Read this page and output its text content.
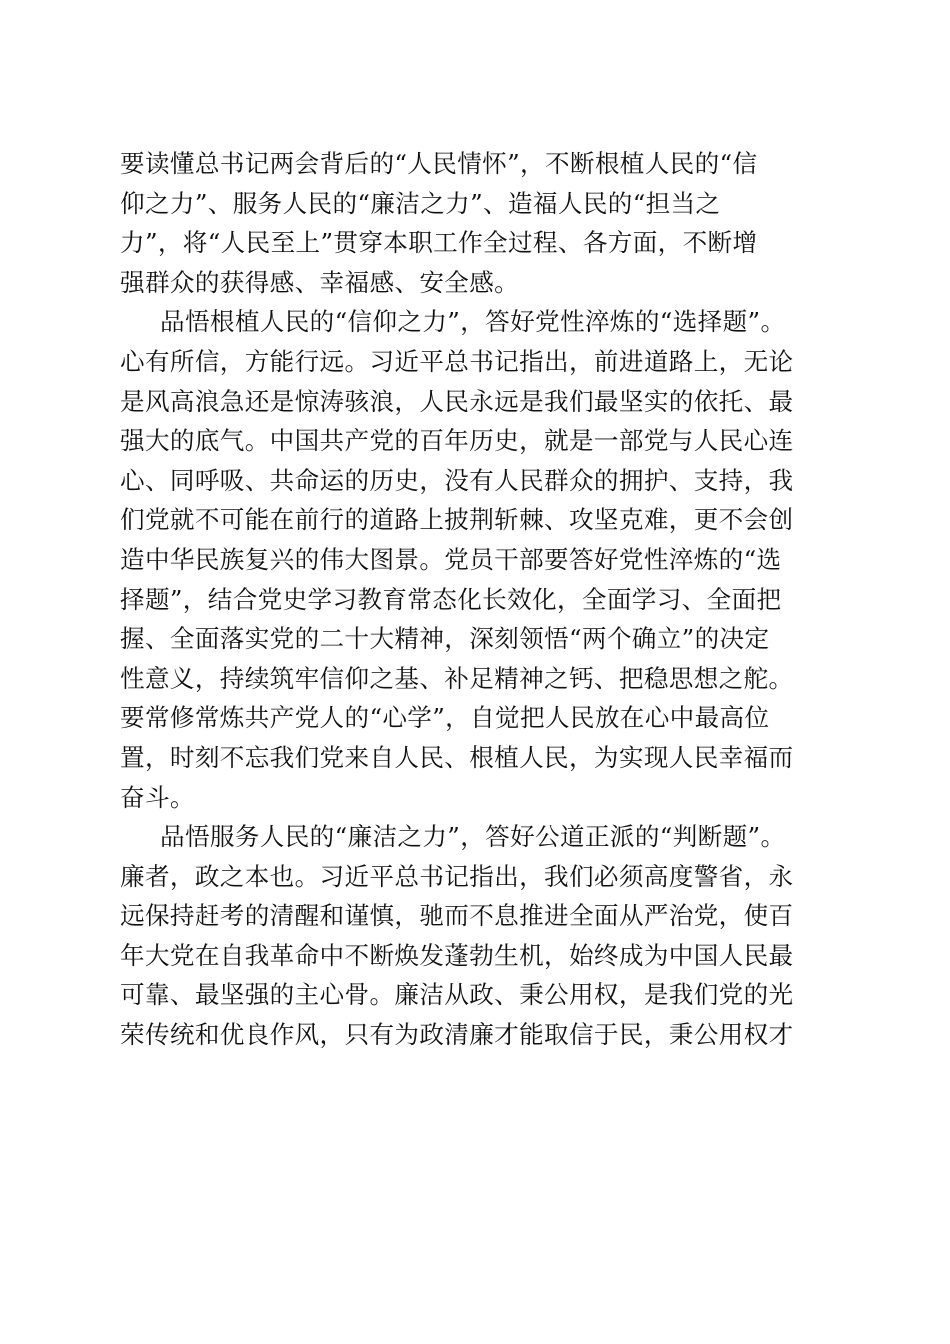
要读懂总书记两会背后的“人民情怀”，不断根植人民的“信
仰之力”、服务人民的“廉洁之力”、造福人民的“担当之
力”，将“人民至上”贯穿本职工作全过程、各方面，不断增
强群众的获得感、幸福感、安全感。
品悟根植人民的“信仰之力”，答好党性淬炼的“选择题”。
心有所信，方能行远。习近平总书记指出，前进道路上，无论
是风高浪急还是惊涛骇浪，人民永远是我们最坚实的依托、最
强大的底气。中国共产党的百年历史，就是一部党与人民心连
心、同呼吸、共命运的历史，没有人民群众的拥护、支持，我
们党就不可能在前行的道路上披荆斩棘、攻坚克难，更不会创
造中华民族复兴的伟大图景。党员干部要答好党性淬炼的“选
择题”，结合党史学习教育常态化长效化，全面学习、全面把
握、全面落实党的二十大精神，深刻领悟“两个确立”的决定
性意义，持续筑牢信仰之基、补足精神之钙、把稳思想之舵。
要常修常炼共产党人的“心学”，自觉把人民放在心中最高位
置，时刻不忘我们党来自人民、根植人民，为实现人民幸福而
奋斗。
品悟服务人民的“廉洁之力”，答好公道正派的“判断题”。
廉者，政之本也。习近平总书记指出，我们必须高度警省，永
远保持赶考的清醒和谨慎，驰而不息推进全面从严治党，使百
年大党在自我革命中不断焕发蓬勃生机，始终成为中国人民最
可靠、最坚强的主心骨。廉洁从政、秉公用权，是我们党的光
荣传统和优良作风，只有为政清廉才能取信于民，秉公用权才
